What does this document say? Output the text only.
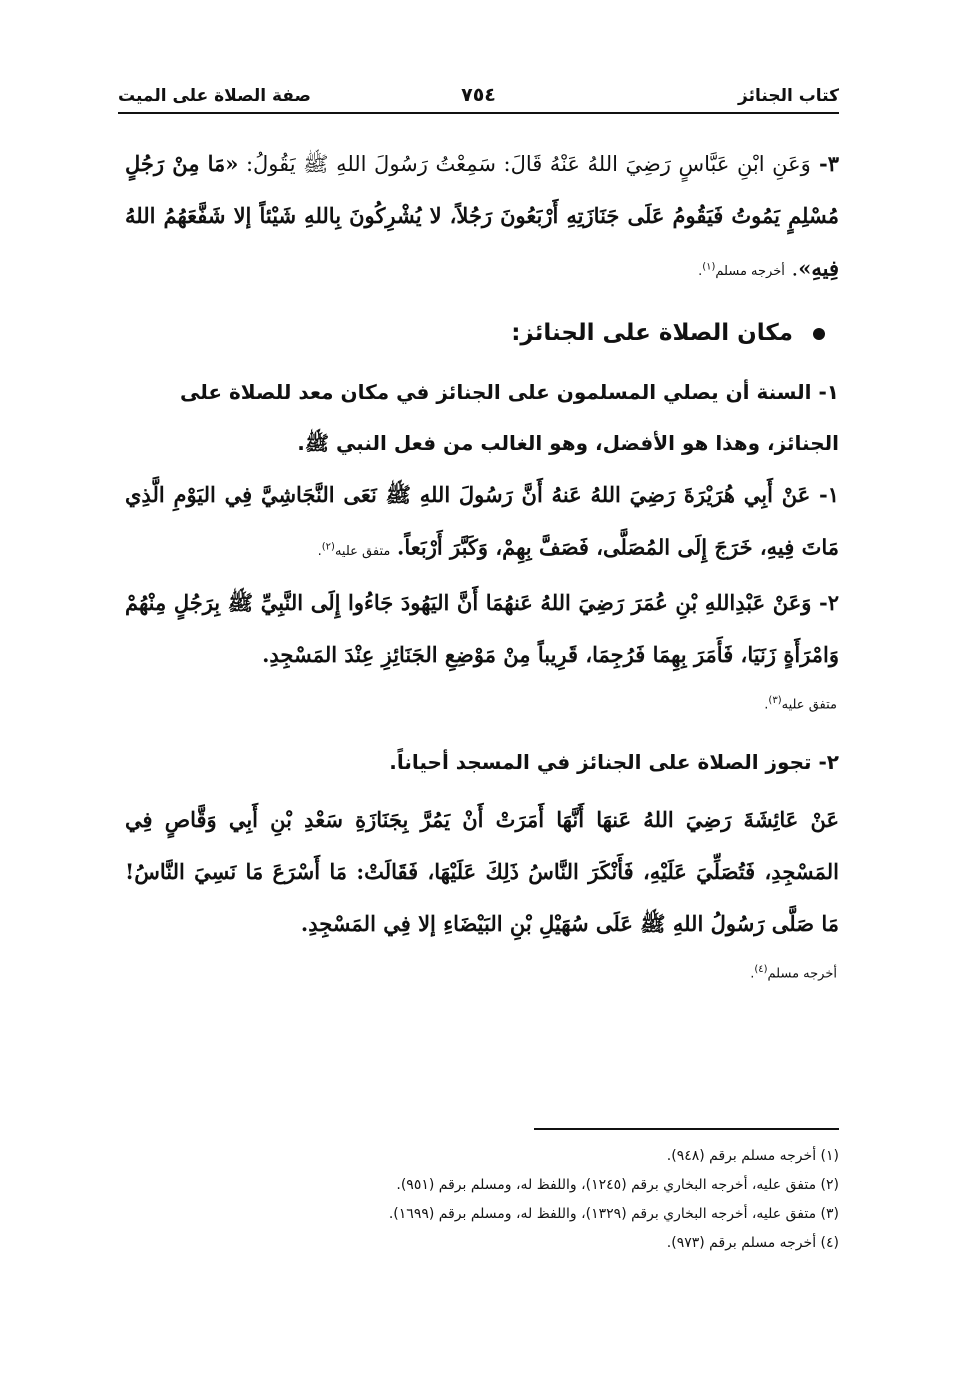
كتاب الجنائز
٧٥٤
صفة الصلاة على الميت

٣- وَعَنِ ابْنِ عَبَّاسٍ رَضِيَ اللهُ عَنْهُ قَالَ: سَمِعْتُ رَسُولَ اللهِ ﷺ يَقُولُ: «مَا مِنْ رَجُلٍ مُسْلِمٍ يَمُوتُ فَيَقُومُ عَلَى جَنَازَتِهِ أَرْبَعُونَ رَجُلاً، لا يُشْرِكُونَ بِاللهِ شَيْئاً إلا شَفَّعَهُمُ اللهُ فِيهِ». أخرجه مسلم$^{(١)}$.

مكان الصلاة على الجنائز:

١- السنة أن يصلي المسلمون على الجنائز في مكان معد للصلاة على الجنائز، وهذا هو الأفضل، وهو الغالب من فعل النبي ﷺ.

١- عَنْ أَبِي هُرَيْرَةَ رَضِيَ اللهُ عَنهُ أَنَّ رَسُولَ اللهِ ﷺ نَعَى النَّجَاشِيَّ فِي اليَوْمِ الَّذِي مَاتَ فِيهِ، خَرَجَ إِلَى المُصَلَّى، فَصَفَّ بِهِمْ، وَكَبَّرَ أَرْبَعاً. متفق عليه$^{(٢)}$.

٢- وَعَنْ عَبْدِاللهِ بْنِ عُمَرَ رَضِيَ اللهُ عَنهُمَا أَنَّ اليَهُودَ جَاءُوا إِلَى النَّبِيِّ ﷺ بِرَجُلٍ مِنْهُمْ وَامْرَأَةٍ زَنَيَا، فَأَمَرَ بِهِمَا فَرُجِمَا، قَرِيباً مِنْ مَوْضِعِ الجَنَائِزِ عِنْدَ المَسْجِدِ.

متفق عليه$^{(٣)}$.

٢- تجوز الصلاة على الجنائز في المسجد أحياناً.

عَنْ عَائِشَةَ رَضِيَ اللهُ عَنهَا أَنَّهَا أَمَرَتْ أَنْ يَمُرَّ بِجَنَازَةِ سَعْدِ بْنِ أَبِي وَقَّاصٍ فِي المَسْجِدِ، فَتُصَلِّيَ عَلَيْهِ، فَأَنْكَرَ النَّاسُ ذَلِكَ عَلَيْهَا، فَقَالَتْ: مَا أَسْرَعَ مَا نَسِيَ النَّاسُ! مَا صَلَّى رَسُولُ اللهِ ﷺ عَلَى سُهَيْلِ بْنِ البَيْضَاءِ إلا فِي المَسْجِدِ.

أخرجه مسلم$^{(٤)}$.

(١) أخرجه مسلم برقم (٩٤٨).
(٢) متفق عليه، أخرجه البخاري برقم (١٢٤٥)، واللفظ له، ومسلم برقم (٩٥١).
(٣) متفق عليه، أخرجه البخاري برقم (١٣٢٩)، واللفظ له، ومسلم برقم (١٦٩٩).
(٤) أخرجه مسلم برقم (٩٧٣).
